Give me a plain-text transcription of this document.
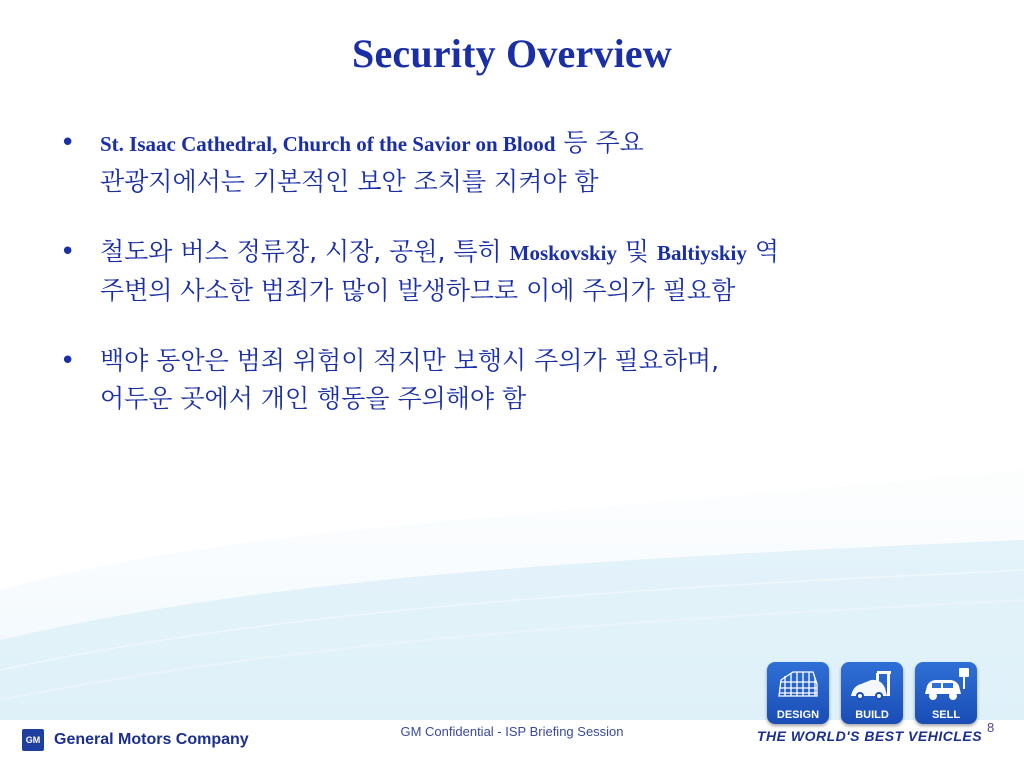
Security Overview
• St. Isaac Cathedral, Church of the Savior on Blood 등 주요
관광지에서는 기본적인 보안 조치를 지켜야 함
• 철도와 버스 정류장, 시장, 공원, 특히 Moskovskiy 및 Baltiyskiy 역
주변의 사소한 범죄가 많이 발생하므로 이에 주의가 필요함
• 백야 동안은 범죄 위험이 적지만 보행시 주의가 필요하며,
어두운 곳에서 개인 행동을 주의해야 함
GM General Motors Company	GM Confidential - ISP Briefing Session
DESIGN	BUILD	SELL
THE WORLD'S BEST VEHICLES
8
